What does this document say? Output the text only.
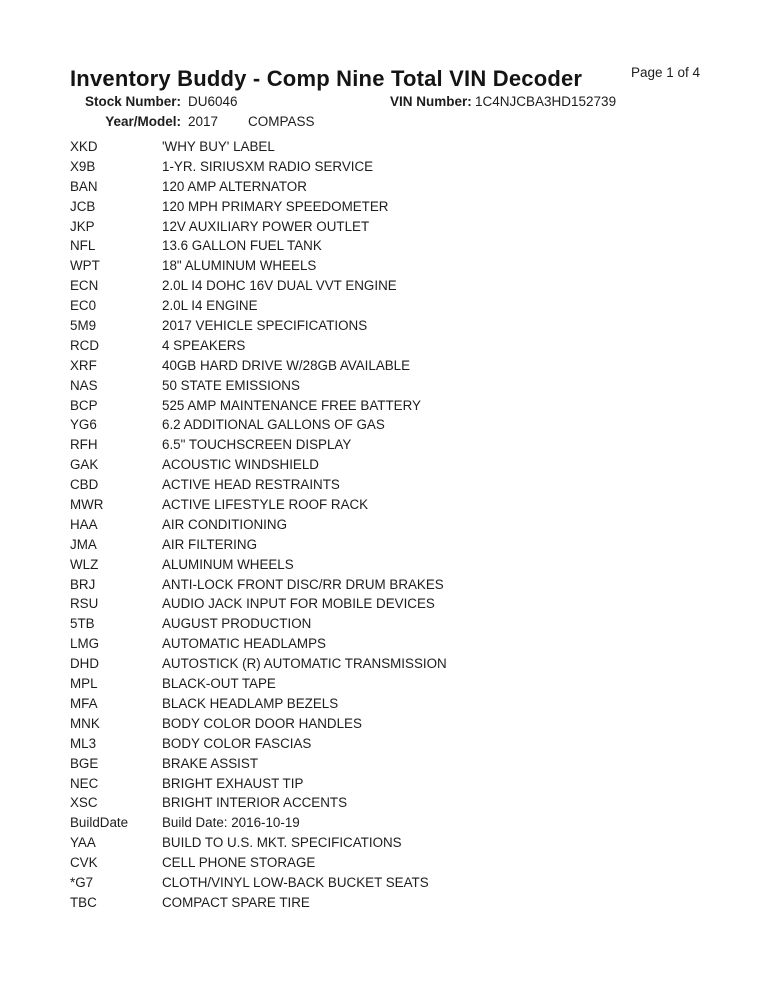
Inventory Buddy - Comp Nine Total VIN Decoder	Page 1 of 4
Stock Number: DU6046	VIN Number: 1C4NJCBA3HD152739
Year/Model: 2017 COMPASS
XKD	'WHY BUY' LABEL
X9B	1-YR. SIRIUSXM RADIO SERVICE
BAN	120 AMP ALTERNATOR
JCB	120 MPH PRIMARY SPEEDOMETER
JKP	12V AUXILIARY POWER OUTLET
NFL	13.6 GALLON FUEL TANK
WPT	18" ALUMINUM WHEELS
ECN	2.0L I4 DOHC 16V DUAL VVT ENGINE
EC0	2.0L I4 ENGINE
5M9	2017 VEHICLE SPECIFICATIONS
RCD	4 SPEAKERS
XRF	40GB HARD DRIVE W/28GB AVAILABLE
NAS	50 STATE EMISSIONS
BCP	525 AMP MAINTENANCE FREE BATTERY
YG6	6.2 ADDITIONAL GALLONS OF GAS
RFH	6.5" TOUCHSCREEN DISPLAY
GAK	ACOUSTIC WINDSHIELD
CBD	ACTIVE HEAD RESTRAINTS
MWR	ACTIVE LIFESTYLE ROOF RACK
HAA	AIR CONDITIONING
JMA	AIR FILTERING
WLZ	ALUMINUM WHEELS
BRJ	ANTI-LOCK FRONT DISC/RR DRUM BRAKES
RSU	AUDIO JACK INPUT FOR MOBILE DEVICES
5TB	AUGUST PRODUCTION
LMG	AUTOMATIC HEADLAMPS
DHD	AUTOSTICK (R) AUTOMATIC TRANSMISSION
MPL	BLACK-OUT TAPE
MFA	BLACK HEADLAMP BEZELS
MNK	BODY COLOR DOOR HANDLES
ML3	BODY COLOR FASCIAS
BGE	BRAKE ASSIST
NEC	BRIGHT EXHAUST TIP
XSC	BRIGHT INTERIOR ACCENTS
BuildDate	Build Date: 2016-10-19
YAA	BUILD TO U.S. MKT. SPECIFICATIONS
CVK	CELL PHONE STORAGE
*G7	CLOTH/VINYL LOW-BACK BUCKET SEATS
TBC	COMPACT SPARE TIRE
